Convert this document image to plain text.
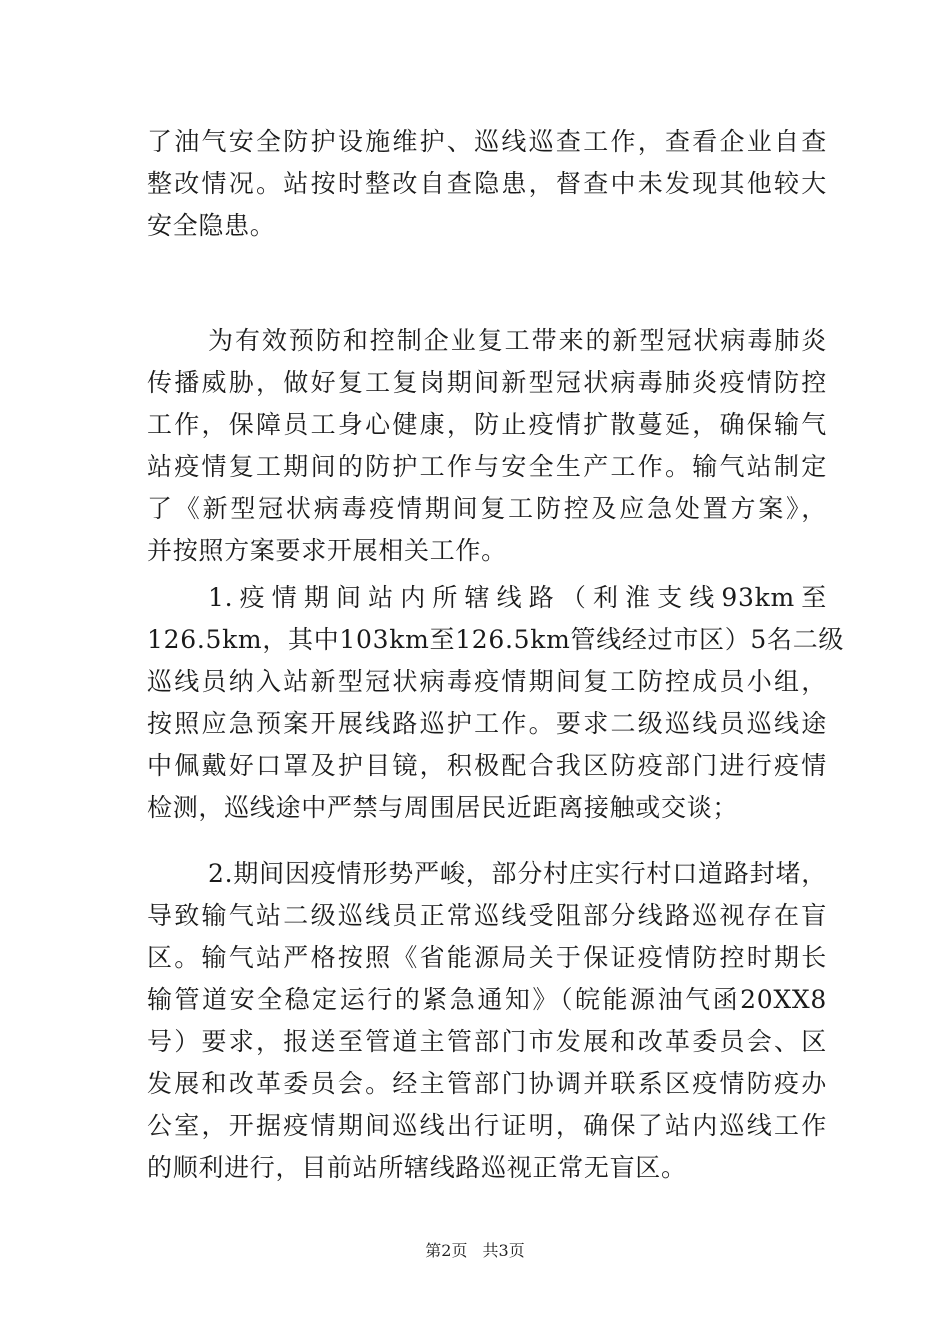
了油气安全防护设施维护、巡线巡查工作，查看企业自查
整改情况。站按时整改自查隐患，督查中未发现其他较大
安全隐患。
为有效预防和控制企业复工带来的新型冠状病毒肺炎
传播威胁，做好复工复岗期间新型冠状病毒肺炎疫情防控
工作，保障员工身心健康，防止疫情扩散蔓延，确保输气
站疫情复工期间的防护工作与安全生产工作。输气站制定
了《新型冠状病毒疫情期间复工防控及应急处置方案》，
并按照方案要求开展相关工作。
1.疫情期间站内所辖线路（利淮支线93km至
126.5km，其中103km至126.5km管线经过市区）5名二级
巡线员纳入站新型冠状病毒疫情期间复工防控成员小组，
按照应急预案开展线路巡护工作。要求二级巡线员巡线途
中佩戴好口罩及护目镜，积极配合我区防疫部门进行疫情
检测，巡线途中严禁与周围居民近距离接触或交谈；
2.期间因疫情形势严峻，部分村庄实行村口道路封堵，
导致输气站二级巡线员正常巡线受阻部分线路巡视存在盲
区。输气站严格按照《省能源局关于保证疫情防控时期长
输管道安全稳定运行的紧急通知》（皖能源油气函20XX8
号）要求，报送至管道主管部门市发展和改革委员会、区
发展和改革委员会。经主管部门协调并联系区疫情防疫办
公室，开据疫情期间巡线出行证明，确保了站内巡线工作
的顺利进行，目前站所辖线路巡视正常无盲区。
第2页 共3页
